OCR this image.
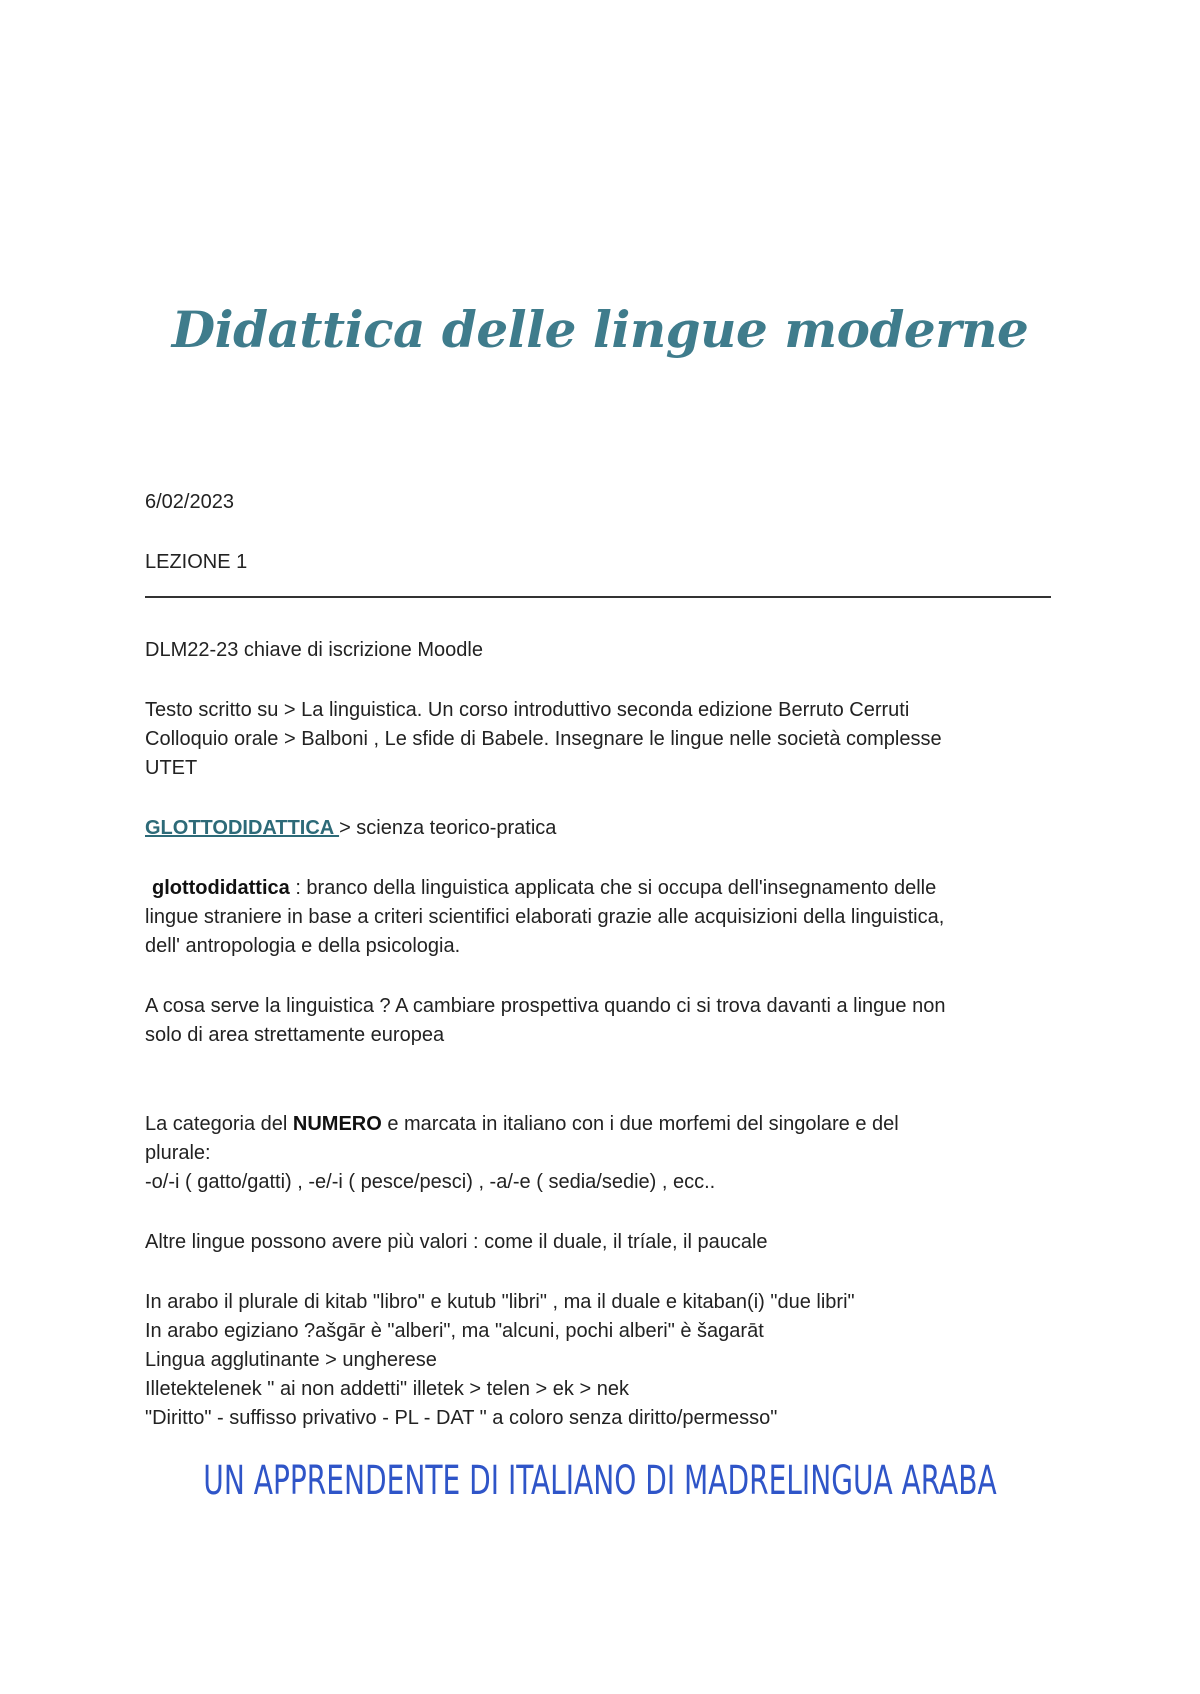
Didattica delle lingue moderne
6/02/2023
LEZIONE 1
DLM22-23 chiave di iscrizione Moodle
Testo scritto su > La linguistica. Un corso introduttivo seconda edizione Berruto Cerruti
Colloquio orale > Balboni , Le sfide di Babele. Insegnare le lingue nelle società complesse
UTET
GLOTTODIDATTICA > scienza teorico-pratica
glottodidattica : branco della linguistica applicata che si occupa dell'insegnamento delle
lingue straniere in base a criteri scientifici elaborati grazie alle acquisizioni della linguistica,
dell' antropologia e della psicologia.
A cosa serve la linguistica ? A cambiare prospettiva quando ci si trova davanti a lingue non
solo di area strettamente europea
La categoria del NUMERO e marcata in italiano con i due morfemi del singolare e del
plurale:
-o/-i ( gatto/gatti) , -e/-i ( pesce/pesci) , -a/-e ( sedia/sedie) , ecc..
Altre lingue possono avere più valori : come il duale, il tríale, il paucale
In arabo il plurale di kitab "libro" e kutub "libri" , ma il duale e kitaban(i) "due libri"
In arabo egiziano ?ašgār è "alberi", ma "alcuni, pochi alberi" è šagarāt
Lingua agglutinante > ungherese
Illetektelenek " ai non addetti" illetek > telen > ek > nek
"Diritto" - suffisso privativo - PL - DAT " a coloro senza diritto/permesso"
UN APPRENDENTE DI ITALIANO DI MADRELINGUA ARABA
